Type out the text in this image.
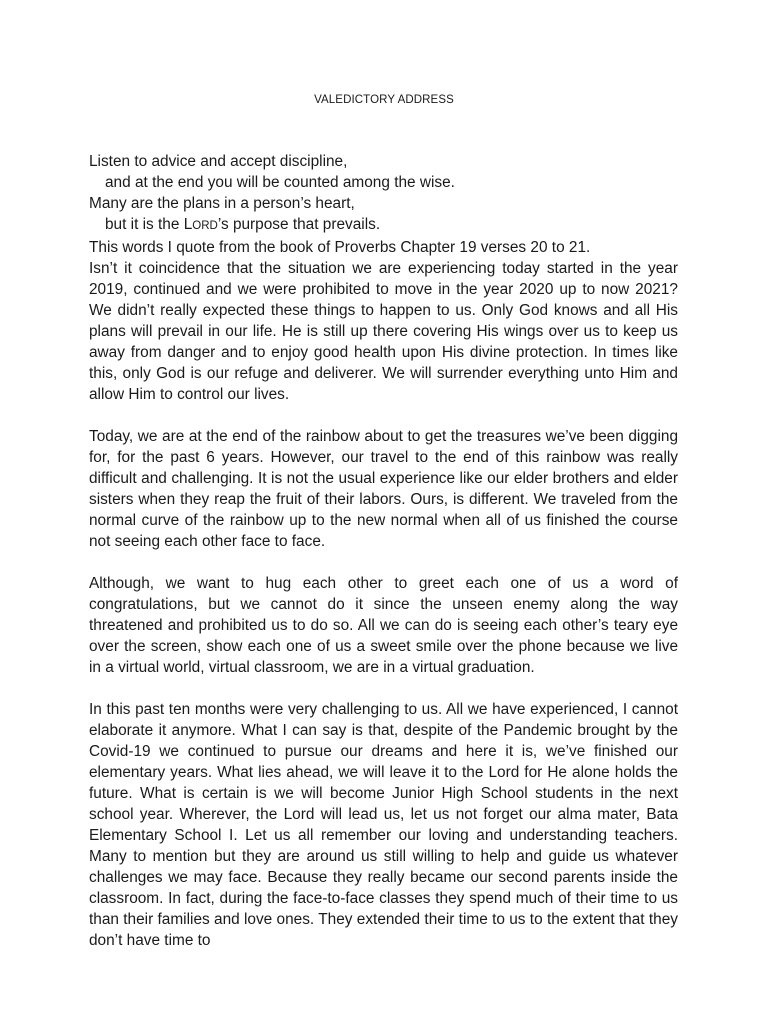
VALEDICTORY ADDRESS
Listen to advice and accept discipline,
and at the end you will be counted among the wise.
Many are the plans in a person’s heart,
but it is the LORD’s purpose that prevails.
This words I quote from the book of Proverbs Chapter 19 verses 20 to 21.

Isn’t it coincidence that the situation we are experiencing today started in the year 2019, continued and we were prohibited to move in the year 2020 up to now 2021? We didn’t really expected these things to happen to us. Only God knows and all His plans will prevail in our life. He is still up there covering His wings over us to keep us away from danger and to enjoy good health upon His divine protection. In times like this, only God is our refuge and deliverer. We will surrender everything unto Him and allow Him to control our lives.

Today, we are at the end of the rainbow about to get the treasures we’ve been digging for, for the past 6 years. However, our travel to the end of this rainbow was really difficult and challenging. It is not the usual experience like our elder brothers and elder sisters when they reap the fruit of their labors. Ours, is different. We traveled from the normal curve of the rainbow up to the new normal when all of us finished the course not seeing each other face to face.

Although, we want to hug each other to greet each one of us a word of congratulations, but we cannot do it since the unseen enemy along the way threatened and prohibited us to do so. All we can do is seeing each other’s teary eye over the screen, show each one of us a sweet smile over the phone because we live in a virtual world, virtual classroom, we are in a virtual graduation.

In this past ten months were very challenging to us. All we have experienced, I cannot elaborate it anymore. What I can say is that, despite of the Pandemic brought by the Covid-19 we continued to pursue our dreams and here it is, we’ve finished our elementary years. What lies ahead, we will leave it to the Lord for He alone holds the future. What is certain is we will become Junior High School students in the next school year. Wherever, the Lord will lead us, let us not forget our alma mater, Bata Elementary School I. Let us all remember our loving and understanding teachers. Many to mention but they are around us still willing to help and guide us whatever challenges we may face. Because they really became our second parents inside the classroom. In fact, during the face-to-face classes they spend much of their time to us than their families and love ones. They extended their time to us to the extent that they don’t have time to
